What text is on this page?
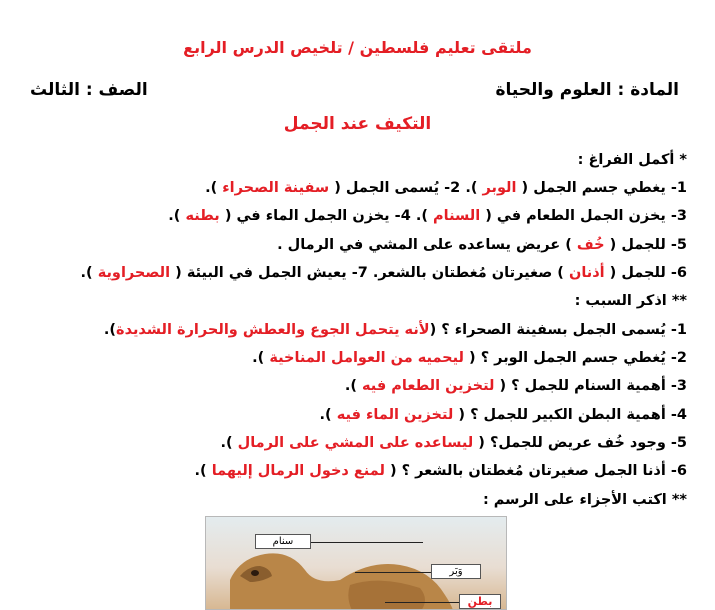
ملتقى تعليم فلسطين / تلخيص الدرس الرابع
المادة : العلوم والحياة
الصف : الثالث
التكيف عند الجمل
* أكمل الفراغ :
1- يغطي جسم الجمل ( الوبر ). 2- يُسمى الجمل ( سفينة الصحراء ).
3- يخزن الجمل الطعام في ( السنام ). 4- يخزن الجمل الماء في ( بطنه ).
5- للجمل ( خُف ) عريض يساعده على المشي في الرمال .
6- للجمل ( أذنان ) صغيرتان مُغطتان بالشعر. 7- يعيش الجمل في البيئة ( الصحراوية ).
** اذكر السبب :
1- يُسمى الجمل بسفينة الصحراء ؟ (لأنه يتحمل الجوع والعطش والحرارة الشديدة).
2- يُغطي جسم الجمل الوبر ؟ ( ليحميه من العوامل المناخية ).
3- أهمية السنام للجمل ؟ ( لتخزين الطعام فيه ).
4- أهمية البطن الكبير للجمل ؟ ( لتخزين الماء فيه ).
5- وجود خُف عريض للجمل؟ ( ليساعده على المشي على الرمال ).
6- أذنا الجمل صغيرتان مُغطتان بالشعر ؟ ( لمنع دخول الرمال إليهما ).
** اكتب الأجزاء على الرسم :
سنام
وَبَر
بطن
